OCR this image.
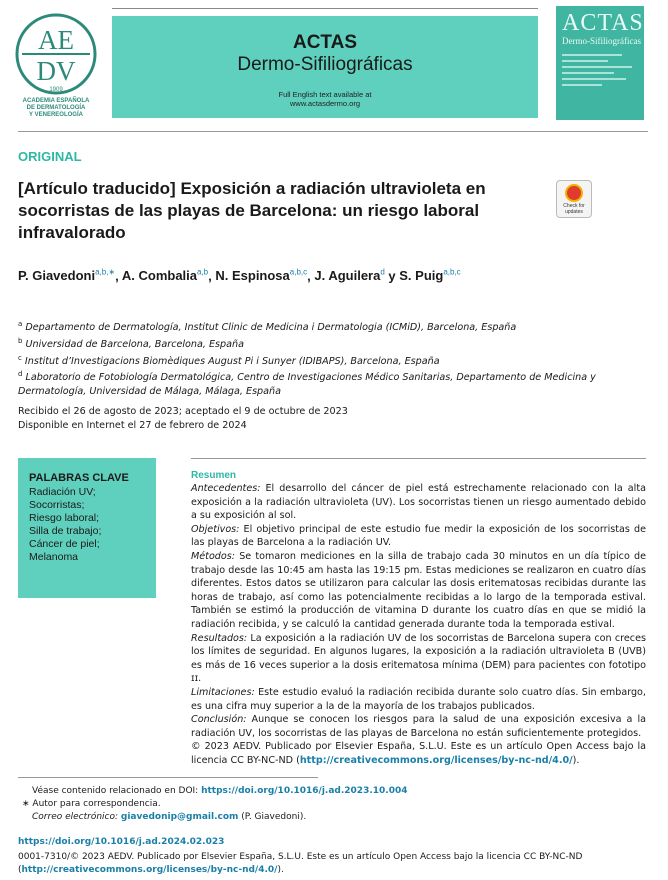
AE
DV
1909
ACADEMIA ESPAÑOLA
DE DERMATOLOGÍA
Y VENEREOLOGÍA
ACTAS
Dermo-Sifiliográficas
Full English text available at
www.actasdermo.org
ACTAS
Dermo-Sifiliográficas
ORIGINAL
[Artículo traducido] Exposición a radiación ultravioleta en socorristas de las playas de Barcelona: un riesgo laboral infravalorado
Check for updates
P. Giavedoni$^{a,b,∗}$, A. Combalia$^{a,b}$, N. Espinosa$^{a,b,c}$, J. Aguilera$^d$ y S. Puig$^{a,b,c}$
$^a$ Departamento de Dermatología, Institut Clinic de Medicina i Dermatologia (ICMiD), Barcelona, España
$^b$ Universidad de Barcelona, Barcelona, España
$^c$ Institut d’Investigacions Biomèdiques August Pi i Sunyer (IDIBAPS), Barcelona, España
$^d$ Laboratorio de Fotobiología Dermatológica, Centro de Investigaciones Médico Sanitarias, Departamento de Medicina y Dermatología, Universidad de Málaga, Málaga, España
Recibido el 26 de agosto de 2023; aceptado el 9 de octubre de 2023
Disponible en Internet el 27 de febrero de 2024
PALABRAS CLAVE
Radiación UV;
Socorristas;
Riesgo laboral;
Silla de trabajo;
Cáncer de piel;
Melanoma
Resumen

Antecedentes: El desarrollo del cáncer de piel está estrechamente relacionado con la alta exposición a la radiación ultravioleta (UV). Los socorristas tienen un riesgo aumentado debido a su exposición al sol.

Objetivos: El objetivo principal de este estudio fue medir la exposición de los socorristas de las playas de Barcelona a la radiación UV.

Métodos: Se tomaron mediciones en la silla de trabajo cada 30 minutos en un día típico de trabajo desde las 10:45 am hasta las 19:15 pm. Estas mediciones se realizaron en cuatro días diferentes. Estos datos se utilizaron para calcular las dosis eritematosas recibidas durante las horas de trabajo, así como las potencialmente recibidas a lo largo de la temporada estival. También se estimó la producción de vitamina D durante los cuatro días en que se midió la radiación recibida, y se calculó la cantidad generada durante toda la temporada estival.

Resultados: La exposición a la radiación UV de los socorristas de Barcelona supera con creces los límites de seguridad. En algunos lugares, la exposición a la radiación ultravioleta B (UVB) es más de 16 veces superior a la dosis eritematosa mínima (DEM) para pacientes con fototipo ɪɪ.

Limitaciones: Este estudio evaluó la radiación recibida durante solo cuatro días. Sin embargo, es una cifra muy superior a la de la mayoría de los trabajos publicados.

Conclusión: Aunque se conocen los riesgos para la salud de una exposición excesiva a la radiación UV, los socorristas de las playas de Barcelona no están suficientemente protegidos.

© 2023 AEDV. Publicado por Elsevier España, S.L.U. Este es un artículo Open Access bajo la licencia CC BY-NC-ND (http://creativecommons.org/licenses/by-nc-nd/4.0/).

Véase contenido relacionado en DOI: https://doi.org/10.1016/j.ad.2023.10.004
∗ Autor para correspondencia.
Correo electrónico: giavedonip@gmail.com (P. Giavedoni).
https://doi.org/10.1016/j.ad.2024.02.023
0001-7310/© 2023 AEDV. Publicado por Elsevier España, S.L.U. Este es un artículo Open Access bajo la licencia CC BY-NC-ND (http://creativecommons.org/licenses/by-nc-nd/4.0/).
